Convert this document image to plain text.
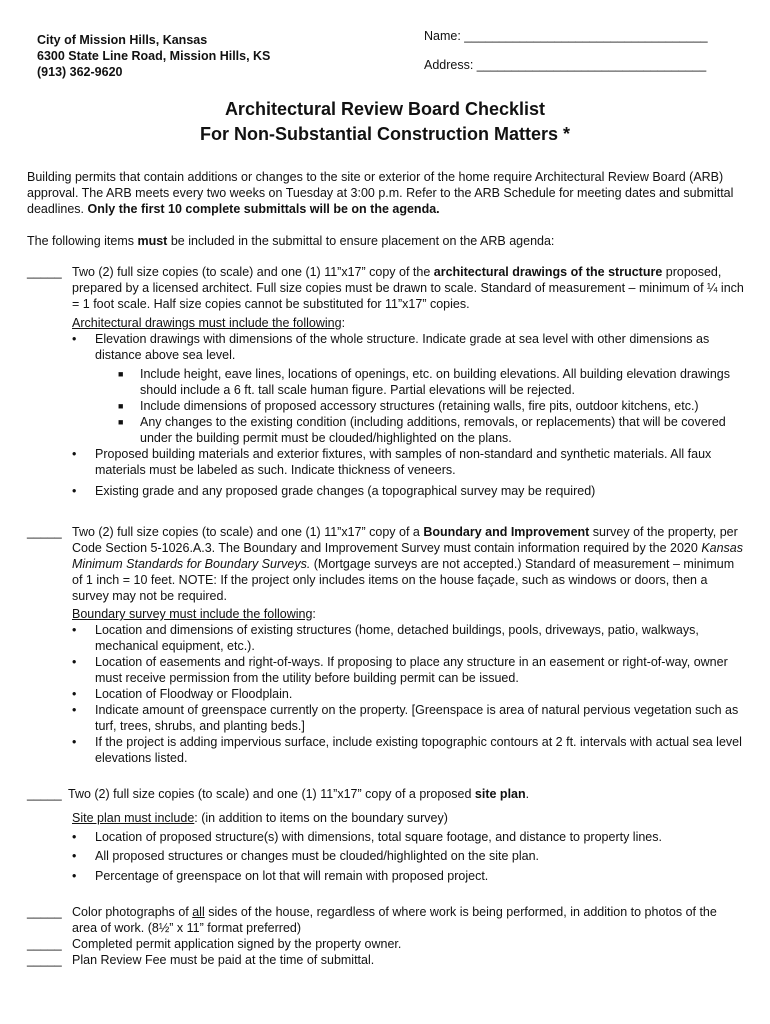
City of Mission Hills, Kansas
6300 State Line Road, Mission Hills, KS
(913) 362-9620
Name: ___________________________________
Address: _________________________________
Architectural Review Board Checklist
For Non-Substantial Construction Matters *
Building permits that contain additions or changes to the site or exterior of the home require Architectural Review Board (ARB) approval. The ARB meets every two weeks on Tuesday at 3:00 p.m. Refer to the ARB Schedule for meeting dates and submittal deadlines. Only the first 10 complete submittals will be on the agenda.
The following items must be included in the submittal to ensure placement on the ARB agenda:
_____ Two (2) full size copies (to scale) and one (1) 11”x17” copy of the architectural drawings of the structure proposed, prepared by a licensed architect. Full size copies must be drawn to scale. Standard of measurement – minimum of ¼ inch = 1 foot scale. Half size copies cannot be substituted for 11”x17” copies.
Architectural drawings must include the following:
• Elevation drawings with dimensions of the whole structure. Indicate grade at sea level with other dimensions as distance above sea level.
■ Include height, eave lines, locations of openings, etc. on building elevations. All building elevation drawings should include a 6 ft. tall scale human figure. Partial elevations will be rejected.
■ Include dimensions of proposed accessory structures (retaining walls, fire pits, outdoor kitchens, etc.)
■ Any changes to the existing condition (including additions, removals, or replacements) that will be covered under the building permit must be clouded/highlighted on the plans.
• Proposed building materials and exterior fixtures, with samples of non-standard and synthetic materials. All faux materials must be labeled as such. Indicate thickness of veneers.
• Existing grade and any proposed grade changes (a topographical survey may be required)
_____ Two (2) full size copies (to scale) and one (1) 11”x17” copy of a Boundary and Improvement survey of the property, per Code Section 5-1026.A.3. The Boundary and Improvement Survey must contain information required by the 2020 Kansas Minimum Standards for Boundary Surveys. (Mortgage surveys are not accepted.) Standard of measurement – minimum of 1 inch = 10 feet. NOTE: If the project only includes items on the house façade, such as windows or doors, then a survey may not be required.
Boundary survey must include the following:
• Location and dimensions of existing structures (home, detached buildings, pools, driveways, patio, walkways, mechanical equipment, etc.).
• Location of easements and right-of-ways. If proposing to place any structure in an easement or right-of-way, owner must receive permission from the utility before building permit can be issued.
• Location of Floodway or Floodplain.
• Indicate amount of greenspace currently on the property. [Greenspace is area of natural pervious vegetation such as turf, trees, shrubs, and planting beds.]
• If the project is adding impervious surface, include existing topographic contours at 2 ft. intervals with actual sea level elevations listed.
_____ Two (2) full size copies (to scale) and one (1) 11”x17” copy of a proposed site plan.
Site plan must include: (in addition to items on the boundary survey)
• Location of proposed structure(s) with dimensions, total square footage, and distance to property lines.
• All proposed structures or changes must be clouded/highlighted on the site plan.
• Percentage of greenspace on lot that will remain with proposed project.
_____ Color photographs of all sides of the house, regardless of where work is being performed, in addition to photos of the area of work. (8½” x 11” format preferred)
_____ Completed permit application signed by the property owner.
_____ Plan Review Fee must be paid at the time of submittal.
